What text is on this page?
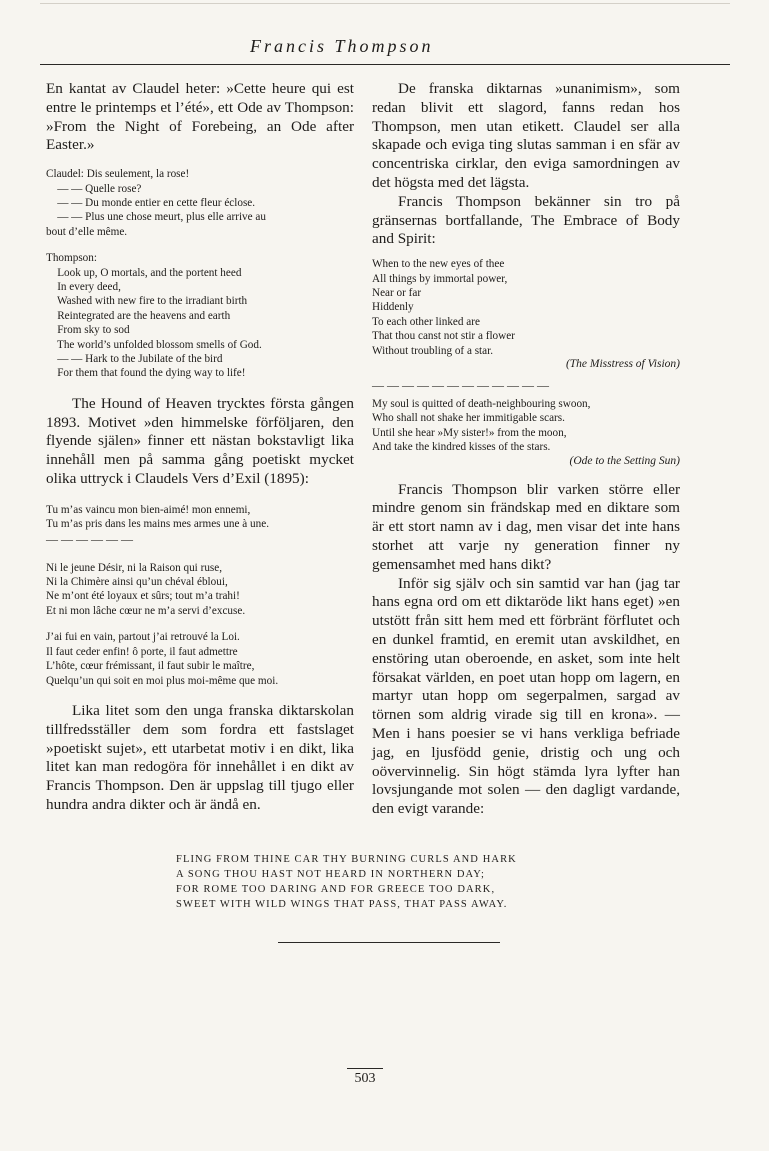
Francis Thompson

En kantat av Claudel heter: »Cette heure qui est entre le printemps et l’été», ett Ode av Thompson: »From the Night of Forebeing, an Ode after Easter.»

Claudel: Dis seulement, la rose!
— — Quelle rose?
— — Du monde entier en cette fleur éclose.
— — Plus une chose meurt, plus elle arrive au
bout d’elle même.
Thompson:
Look up, O mortals, and the portent heed
In every deed,
Washed with new fire to the irradiant birth
Reintegrated are the heavens and earth
From sky to sod
The world’s unfolded blossom smells of God.
— — Hark to the Jubilate of the bird
For them that found the dying way to life!

The Hound of Heaven trycktes första gången 1893. Motivet »den himmelske förföljaren, den flyende själen» finner ett nästan bokstavligt lika innehåll men på samma gång poetiskt mycket olika uttryck i Claudels Vers d’Exil (1895):

Tu m’as vaincu mon bien-aimé! mon ennemi,
Tu m’as pris dans les mains mes armes une à une.
— — — — — —
Ni le jeune Désir, ni la Raison qui ruse,
Ni la Chimère ainsi qu’un chéval ébloui,
Ne m’ont été loyaux et sûrs; tout m’a trahi!
Et ni mon lâche cœur ne m’a servi d’excuse.
J’ai fui en vain, partout j’ai retrouvé la Loi.
Il faut ceder enfin! ô porte, il faut admettre
L’hôte, cœur frémissant, il faut subir le maître,
Quelqu’un qui soit en moi plus moi-même que moi.

Lika litet som den unga franska diktarskolan tillfredsställer dem som fordra ett fastslaget »poetiskt sujet», ett utarbetat motiv i en dikt, lika litet kan man redogöra för innehållet i en dikt av Francis Thompson. Den är uppslag till tjugo eller hundra andra dikter och är ändå en.

De franska diktarnas »unanimism», som redan blivit ett slagord, fanns redan hos Thompson, men utan etikett. Claudel ser alla skapade och eviga ting slutas samman i en sfär av concentriska cirklar, den eviga samordningen av det högsta med det lägsta.

Francis Thompson bekänner sin tro på gränsernas bortfallande, The Embrace of Body and Spirit:

When to the new eyes of thee
All things by immortal power,
Near or far
Hiddenly
To each other linked are
That thou canst not stir a flower
Without troubling of a star.
(The Misstress of Vision)
— — — — — — — — — — — —
My soul is quitted of death-neighbouring swoon,
Who shall not shake her immitigable scars.
Until she hear »My sister!» from the moon,
And take the kindred kisses of the stars.
(Ode to the Setting Sun)

Francis Thompson blir varken större eller mindre genom sin frändskap med en diktare som är ett stort namn av i dag, men visar det inte hans storhet att varje ny generation finner ny gemensamhet med hans dikt?

Inför sig själv och sin samtid var han (jag tar hans egna ord om ett diktaröde likt hans eget) »en utstött från sitt hem med ett förbränt förflutet och en dunkel framtid, en eremit utan avskildhet, en enstöring utan oberoende, en asket, som inte helt försakat världen, en poet utan hopp om lagern, en martyr utan hopp om segerpalmen, sargad av törnen som aldrig virade sig till en krona». — Men i hans poesier se vi hans verkliga befriade jag, en ljusfödd genie, dristig och ung och oövervinnelig. Sin högt stämda lyra lyfter han lovsjungande mot solen — den dagligt vardande, den evigt varande:

FLING FROM THINE CAR THY BURNING CURLS AND HARK
A SONG THOU HAST NOT HEARD IN NORTHERN DAY;
FOR ROME TOO DARING AND FOR GREECE TOO DARK,
SWEET WITH WILD WINGS THAT PASS, THAT PASS AWAY.
503
